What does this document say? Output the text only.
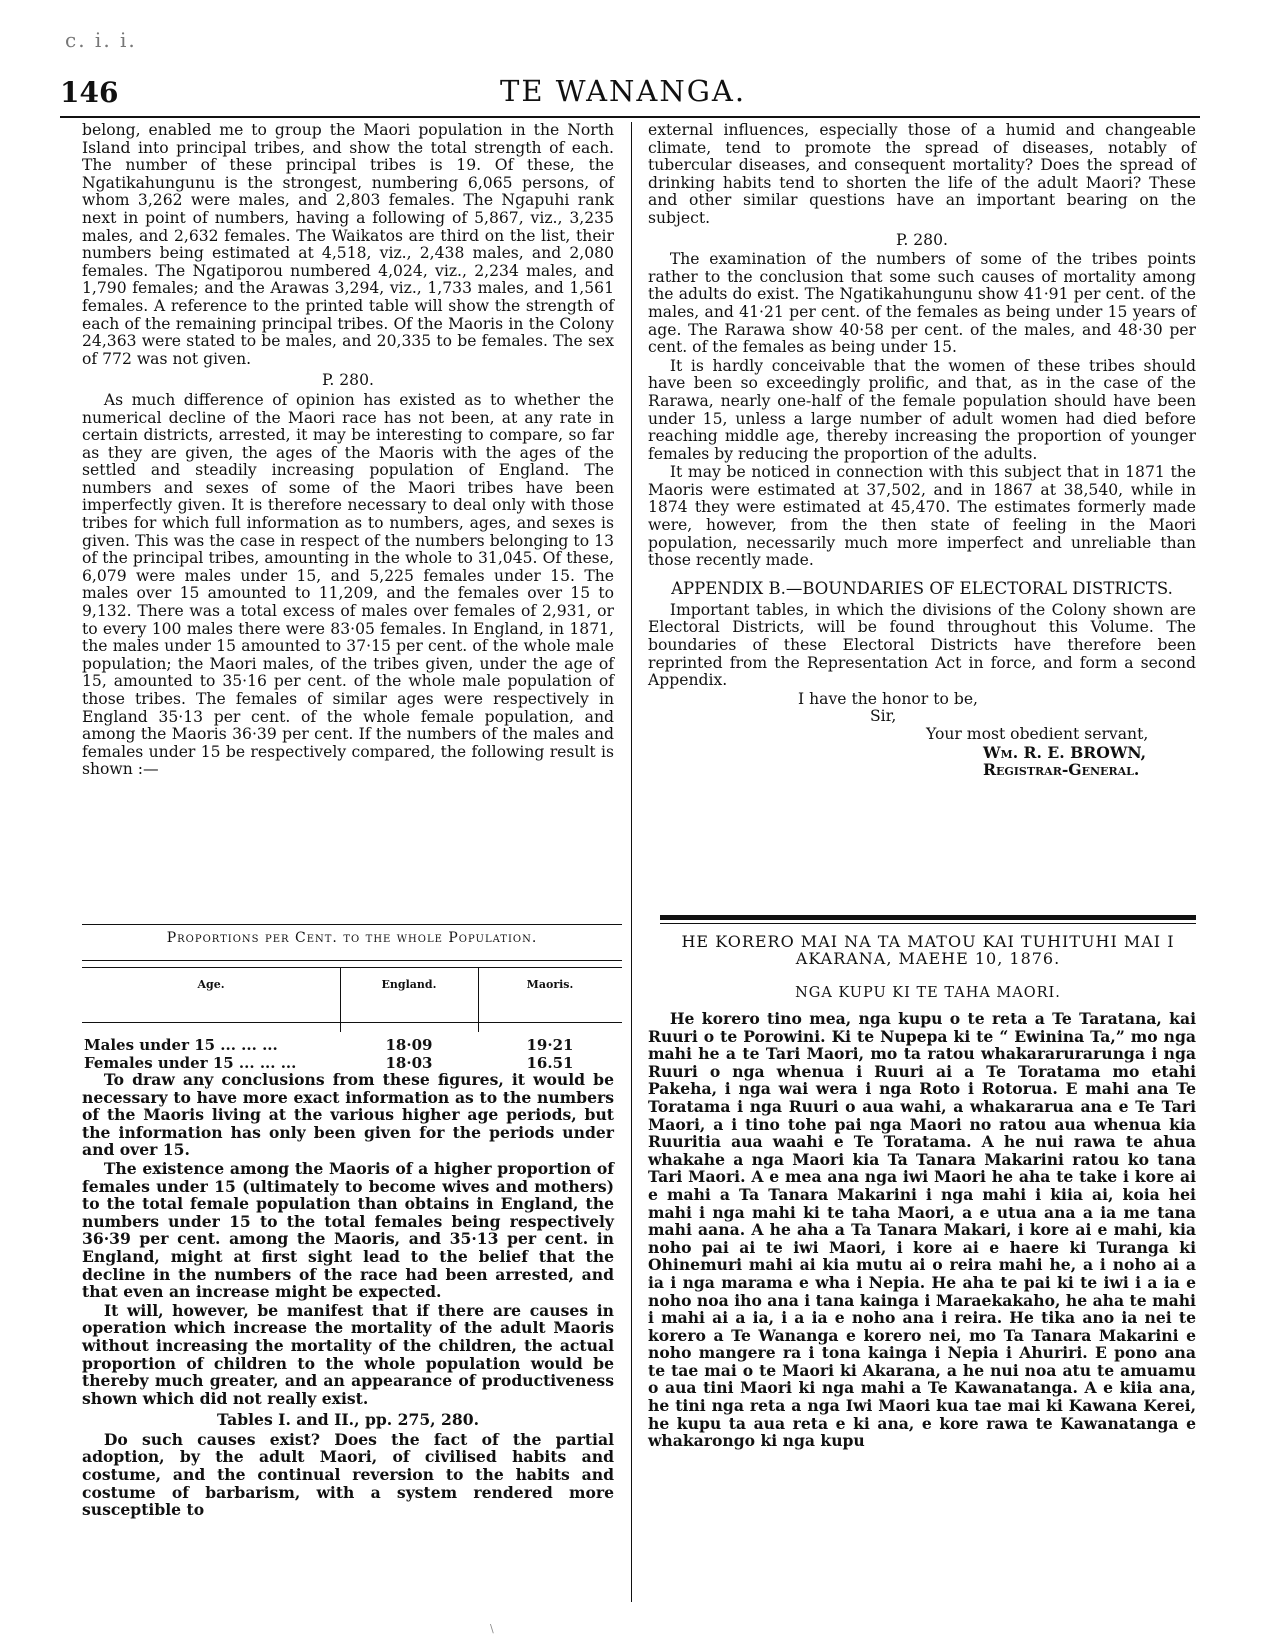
c. i. i.
146	TE WANANGA.

belong, enabled me to group the Maori population in the North Island into principal tribes, and show the total strength of each. The number of these principal tribes is 19. Of these, the Ngatikahungunu is the strongest, numbering 6,065 persons, of whom 3,262 were males, and 2,803 females. The Ngapuhi rank next in point of numbers, having a following of 5,867, viz., 3,235 males, and 2,632 females. The Waikatos are third on the list, their numbers being estimated at 4,518, viz., 2,438 males, and 2,080 females. The Ngatiporou numbered 4,024, viz., 2,234 males, and 1,790 females; and the Arawas 3,294, viz., 1,733 males, and 1,561 females. A reference to the printed table will show the strength of each of the remaining principal tribes. Of the Maoris in the Colony 24,363 were stated to be males, and 20,335 to be females. The sex of 772 was not given.

P. 280.

As much difference of opinion has existed as to whether the numerical decline of the Maori race has not been, at any rate in certain districts, arrested, it may be interesting to compare, so far as they are given, the ages of the Maoris with the ages of the settled and steadily increasing population of England. The numbers and sexes of some of the Maori tribes have been imperfectly given. It is therefore necessary to deal only with those tribes for which full information as to numbers, ages, and sexes is given. This was the case in respect of the numbers belonging to 13 of the principal tribes, amounting in the whole to 31,045. Of these, 6,079 were males under 15, and 5,225 females under 15. The males over 15 amounted to 11,209, and the females over 15 to 9,132. There was a total excess of males over females of 2,931, or to every 100 males there were 83·05 females. In England, in 1871, the males under 15 amounted to 37·15 per cent. of the whole male population; the Maori males, of the tribes given, under the age of 15, amounted to 35·16 per cent. of the whole male population of those tribes. The females of similar ages were respectively in England 35·13 per cent. of the whole female population, and among the Maoris 36·39 per cent. If the numbers of the males and females under 15 be respectively compared, the following result is shown :—

Proportions per Cent. to the whole Population.
Age.	England.	Maoris.
Males under 15 ... ... ...	18·09	19·21
Females under 15 ... ... ...	18·03	16.51

To draw any conclusions from these figures, it would be necessary to have more exact information as to the numbers of the Maoris living at the various higher age periods, but the information has only been given for the periods under and over 15.

The existence among the Maoris of a higher proportion of females under 15 (ultimately to become wives and mothers) to the total female population than obtains in England, the numbers under 15 to the total females being respectively 36·39 per cent. among the Maoris, and 35·13 per cent. in England, might at first sight lead to the belief that the decline in the numbers of the race had been arrested, and that even an increase might be expected.

It will, however, be manifest that if there are causes in operation which increase the mortality of the adult Maoris without increasing the mortality of the children, the actual proportion of children to the whole population would be thereby much greater, and an appearance of productiveness shown which did not really exist.

Tables I. and II., pp. 275, 280.

Do such causes exist? Does the fact of the partial adoption, by the adult Maori, of civilised habits and costume, and the continual reversion to the habits and costume of barbarism, with a system rendered more susceptible to

external influences, especially those of a humid and changeable climate, tend to promote the spread of diseases, notably of tubercular diseases, and consequent mortality? Does the spread of drinking habits tend to shorten the life of the adult Maori? These and other similar questions have an important bearing on the subject.

P. 280.

The examination of the numbers of some of the tribes points rather to the conclusion that some such causes of mortality among the adults do exist. The Ngatikahungunu show 41·91 per cent. of the males, and 41·21 per cent. of the females as being under 15 years of age. The Rarawa show 40·58 per cent. of the males, and 48·30 per cent. of the females as being under 15.

It is hardly conceivable that the women of these tribes should have been so exceedingly prolific, and that, as in the case of the Rarawa, nearly one-half of the female population should have been under 15, unless a large number of adult women had died before reaching middle age, thereby increasing the proportion of younger females by reducing the proportion of the adults.

It may be noticed in connection with this subject that in 1871 the Maoris were estimated at 37,502, and in 1867 at 38,540, while in 1874 they were estimated at 45,470. The estimates formerly made were, however, from the then state of feeling in the Maori population, necessarily much more imperfect and unreliable than those recently made.

APPENDIX B.—BOUNDARIES OF ELECTORAL DISTRICTS.

Important tables, in which the divisions of the Colony shown are Electoral Districts, will be found throughout this Volume. The boundaries of these Electoral Districts have therefore been reprinted from the Representation Act in force, and form a second Appendix.

I have the honor to be,
Sir,
Your most obedient servant,
Wm. R. E. BROWN,
Registrar-General.
HE KORERO MAI NA TA MATOU KAI TUHITUHI MAI I AKARANA, MAEHE 10, 1876.
NGA KUPU KI TE TAHA MAORI.

He korero tino mea, nga kupu o te reta a Te Taratana, kai Ruuri o te Porowini. Ki te Nupepa ki te “ Ewinina Ta,” mo nga mahi he a te Tari Maori, mo ta ratou whakararurarunga i nga Ruuri o nga whenua i Ruuri ai a Te Toratama mo etahi Pakeha, i nga wai wera i nga Roto i Rotorua. E mahi ana Te Toratama i nga Ruuri o aua wahi, a whakararua ana e Te Tari Maori, a i tino tohe pai nga Maori no ratou aua whenua kia Ruuritia aua waahi e Te Toratama. A he nui rawa te ahua whakahe a nga Maori kia Ta Tanara Makarini ratou ko tana Tari Maori. A e mea ana nga iwi Maori he aha te take i kore ai e mahi a Ta Tanara Makarini i nga mahi i kiia ai, koia hei mahi i nga mahi ki te taha Maori, a e utua ana a ia me tana mahi aana. A he aha a Ta Tanara Makari, i kore ai e mahi, kia noho pai ai te iwi Maori, i kore ai e haere ki Turanga ki Ohinemuri mahi ai kia mutu ai o reira mahi he, a i noho ai a ia i nga marama e wha i Nepia. He aha te pai ki te iwi i a ia e noho noa iho ana i tana kainga i Maraekakaho, he aha te mahi i mahi ai a ia, i a ia e noho ana i reira. He tika ano ia nei te korero a Te Wananga e korero nei, mo Ta Tanara Makarini e noho mangere ra i tona kainga i Nepia i Ahuriri. E pono ana te tae mai o te Maori ki Akarana, a he nui noa atu te amuamu o aua tini Maori ki nga mahi a Te Kawanatanga. A e kiia ana, he tini nga reta a nga Iwi Maori kua tae mai ki Kawana Kerei, he kupu ta aua reta e ki ana, e kore rawa te Kawanatanga e whakarongo ki nga kupu

\
